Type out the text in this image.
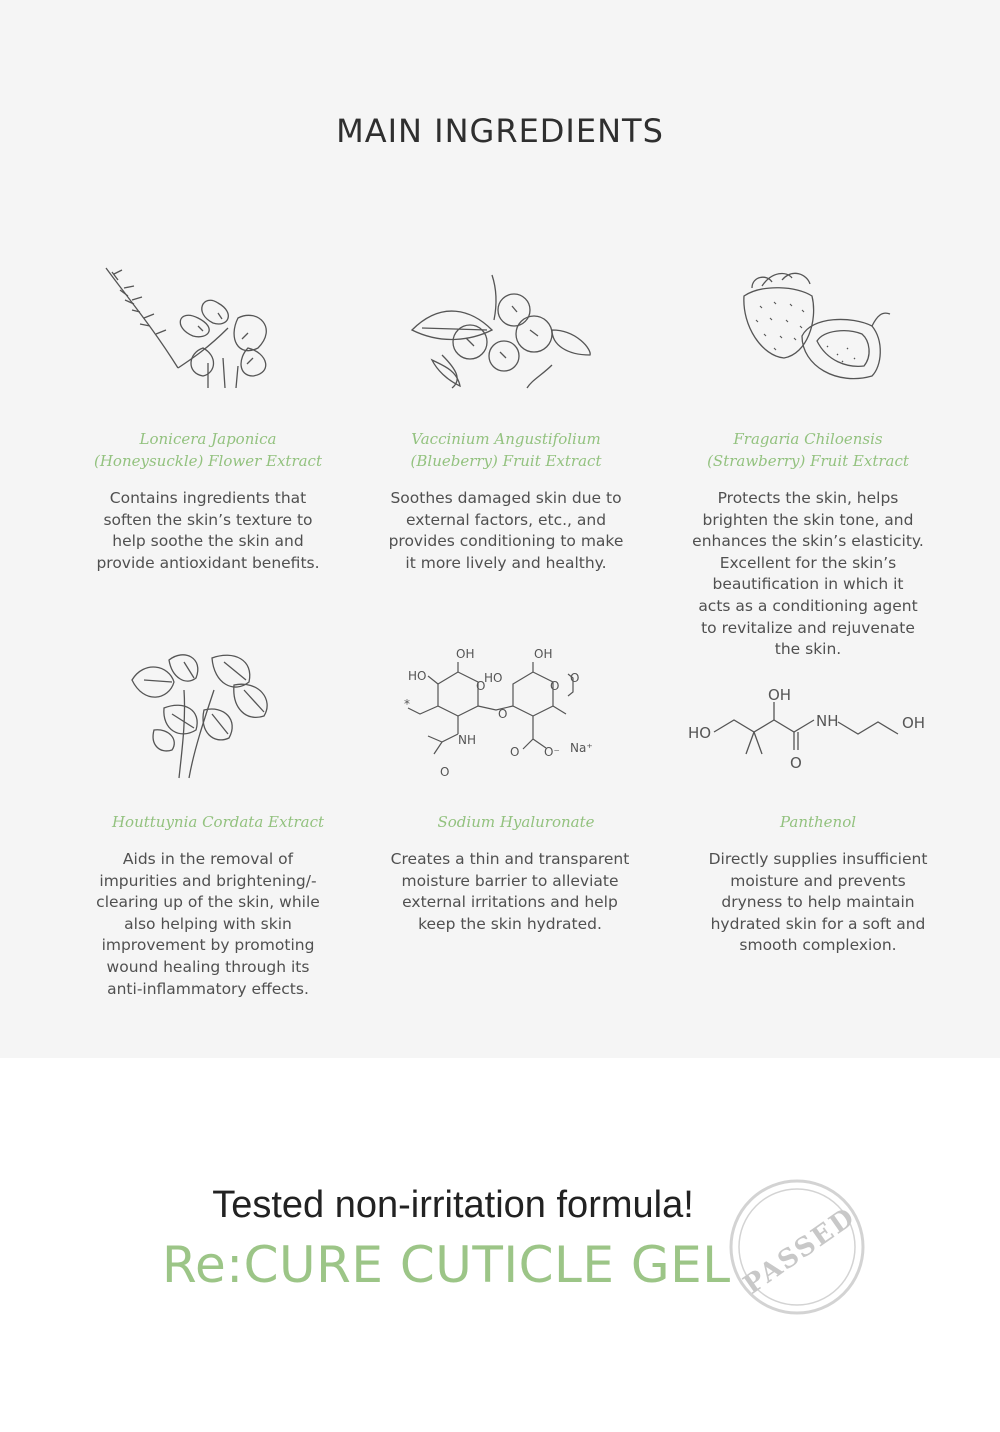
MAIN INGREDIENTS
OH	OH
HO	HO
O	O
O
NH
O
O O⁻ Na⁺
O
*	OH
HO
NH	OH
O
Lonicera Japonica
(Honeysuckle) Flower Extract
Contains ingredients that
soften the skin’s texture to
help soothe the skin and
provide antioxidant benefits.
Vaccinium Angustifolium
(Blueberry) Fruit Extract
Soothes damaged skin due to
external factors, etc., and
provides conditioning to make
it more lively and healthy.
Fragaria Chiloensis
(Strawberry) Fruit Extract
Protects the skin, helps
brighten the skin tone, and
enhances the skin’s elasticity.
Excellent for the skin’s
beautification in which it
acts as a conditioning agent
to revitalize and rejuvenate
the skin.
Houttuynia Cordata Extract
Aids in the removal of
impurities and brightening/-
clearing up of the skin, while
also helping with skin
improvement by promoting
wound healing through its
anti-inflammatory effects.
Sodium Hyaluronate
Creates a thin and transparent
moisture barrier to alleviate
external irritations and help
keep the skin hydrated.
Panthenol
Directly supplies insufficient
moisture and prevents
dryness to help maintain
hydrated skin for a soft and
smooth complexion.
Tested non-irritation formula!
Re:CURE CUTICLE GEL PASSED
